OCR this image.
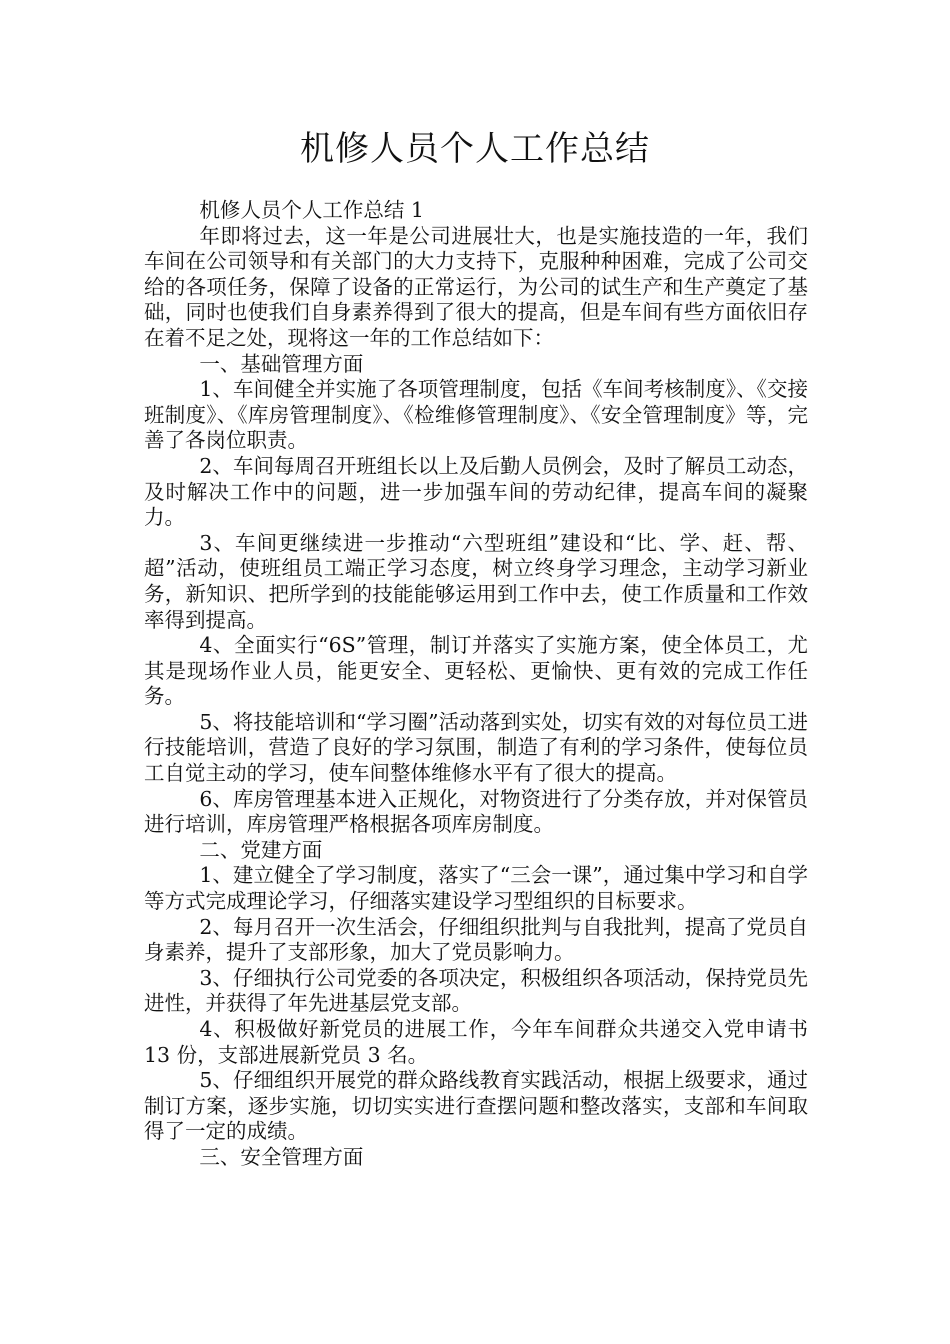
机修人员个人工作总结

机修人员个人工作总结 1

年即将过去，这一年是公司进展壮大，也是实施技造的一年，我们车间在公司领导和有关部门的大力支持下，克服种种困难，完成了公司交给的各项任务，保障了设备的正常运行，为公司的试生产和生产奠定了基础，同时也使我们自身素养得到了很大的提高，但是车间有些方面依旧存在着不足之处，现将这一年的工作总结如下：

一、基础管理方面

1、车间健全并实施了各项管理制度，包括《车间考核制度》、《交接班制度》、《库房管理制度》、《检维修管理制度》、《安全管理制度》等，完善了各岗位职责。

2、车间每周召开班组长以上及后勤人员例会，及时了解员工动态，及时解决工作中的问题，进一步加强车间的劳动纪律，提高车间的凝聚力。

3、车间更继续进一步推动“六型班组”建设和“比、学、赶、帮、超”活动，使班组员工端正学习态度，树立终身学习理念，主动学习新业务，新知识、把所学到的技能能够运用到工作中去，使工作质量和工作效率得到提高。

4、全面实行“6S”管理，制订并落实了实施方案，使全体员工，尤其是现场作业人员，能更安全、更轻松、更愉快、更有效的完成工作任务。

5、将技能培训和“学习圈”活动落到实处，切实有效的对每位员工进行技能培训，营造了良好的学习氛围，制造了有利的学习条件，使每位员工自觉主动的学习，使车间整体维修水平有了很大的提高。

6、库房管理基本进入正规化，对物资进行了分类存放，并对保管员进行培训，库房管理严格根据各项库房制度。

二、党建方面

1、建立健全了学习制度，落实了“三会一课”，通过集中学习和自学等方式完成理论学习，仔细落实建设学习型组织的目标要求。

2、每月召开一次生活会，仔细组织批判与自我批判，提高了党员自身素养，提升了支部形象，加大了党员影响力。

3、仔细执行公司党委的各项决定，积极组织各项活动，保持党员先进性，并获得了年先进基层党支部。

4、积极做好新党员的进展工作，今年车间群众共递交入党申请书 13 份，支部进展新党员 3 名。

5、仔细组织开展党的群众路线教育实践活动，根据上级要求，通过制订方案，逐步实施，切切实实进行查摆问题和整改落实，支部和车间取得了一定的成绩。

三、安全管理方面
